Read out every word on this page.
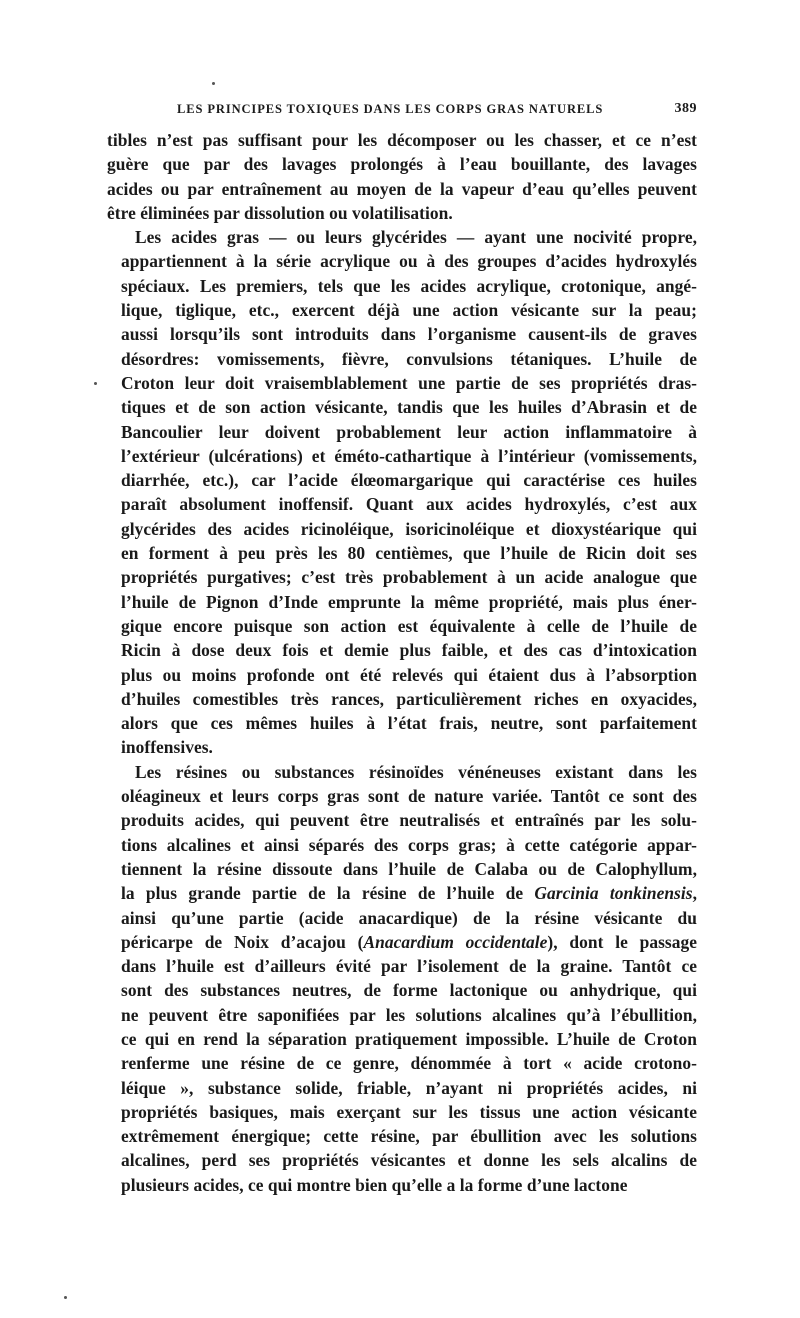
LES PRINCIPES TOXIQUES DANS LES CORPS GRAS NATURELS	389
tibles n’est pas suffisant pour les décomposer ou les chasser, et ce n’est
guère que par des lavages prolongés à l’eau bouillante, des lavages
acides ou par entraînement au moyen de la vapeur d’eau qu’elles peuvent
être éliminées par dissolution ou volatilisation.
Les acides gras — ou leurs glycérides — ayant une nocivité propre,
appartiennent à la série acrylique ou à des groupes d’acides hydroxylés
spéciaux. Les premiers, tels que les acides acrylique, crotonique, angé-
lique, tiglique, etc., exercent déjà une action vésicante sur la peau;
aussi lorsqu’ils sont introduits dans l’organisme causent-ils de graves
désordres: vomissements, fièvre, convulsions tétaniques. L’huile de
Croton leur doit vraisemblablement une partie de ses propriétés dras-
tiques et de son action vésicante, tandis que les huiles d’Abrasin et de
Bancoulier leur doivent probablement leur action inflammatoire à
l’extérieur (ulcérations) et éméto-cathartique à l’intérieur (vomissements,
diarrhée, etc.), car l’acide élœomargarique qui caractérise ces huiles
paraît absolument inoffensif. Quant aux acides hydroxylés, c’est aux
glycérides des acides ricinoléique, isoricinoléique et dioxystéarique qui
en forment à peu près les 80 centièmes, que l’huile de Ricin doit ses
propriétés purgatives; c’est très probablement à un acide analogue que
l’huile de Pignon d’Inde emprunte la même propriété, mais plus éner-
gique encore puisque son action est équivalente à celle de l’huile de
Ricin à dose deux fois et demie plus faible, et des cas d’intoxication
plus ou moins profonde ont été relevés qui étaient dus à l’absorption
d’huiles comestibles très rances, particulièrement riches en oxyacides,
alors que ces mêmes huiles à l’état frais, neutre, sont parfaitement
inoffensives.
Les résines ou substances résinoïdes vénéneuses existant dans les
oléagineux et leurs corps gras sont de nature variée. Tantôt ce sont des
produits acides, qui peuvent être neutralisés et entraînés par les solu-
tions alcalines et ainsi séparés des corps gras; à cette catégorie appar-
tiennent la résine dissoute dans l’huile de Calaba ou de Calophyllum,
la plus grande partie de la résine de l’huile de Garcinia tonkinensis,
ainsi qu’une partie (acide anacardique) de la résine vésicante du
péricarpe de Noix d’acajou (Anacardium occidentale), dont le passage
dans l’huile est d’ailleurs évité par l’isolement de la graine. Tantôt ce
sont des substances neutres, de forme lactonique ou anhydrique, qui
ne peuvent être saponifiées par les solutions alcalines qu’à l’ébullition,
ce qui en rend la séparation pratiquement impossible. L’huile de Croton
renferme une résine de ce genre, dénommée à tort « acide crotono-
léique », substance solide, friable, n’ayant ni propriétés acides, ni
propriétés basiques, mais exerçant sur les tissus une action vésicante
extrêmement énergique; cette résine, par ébullition avec les solutions
alcalines, perd ses propriétés vésicantes et donne les sels alcalins de
plusieurs acides, ce qui montre bien qu’elle a la forme d’une lactone
